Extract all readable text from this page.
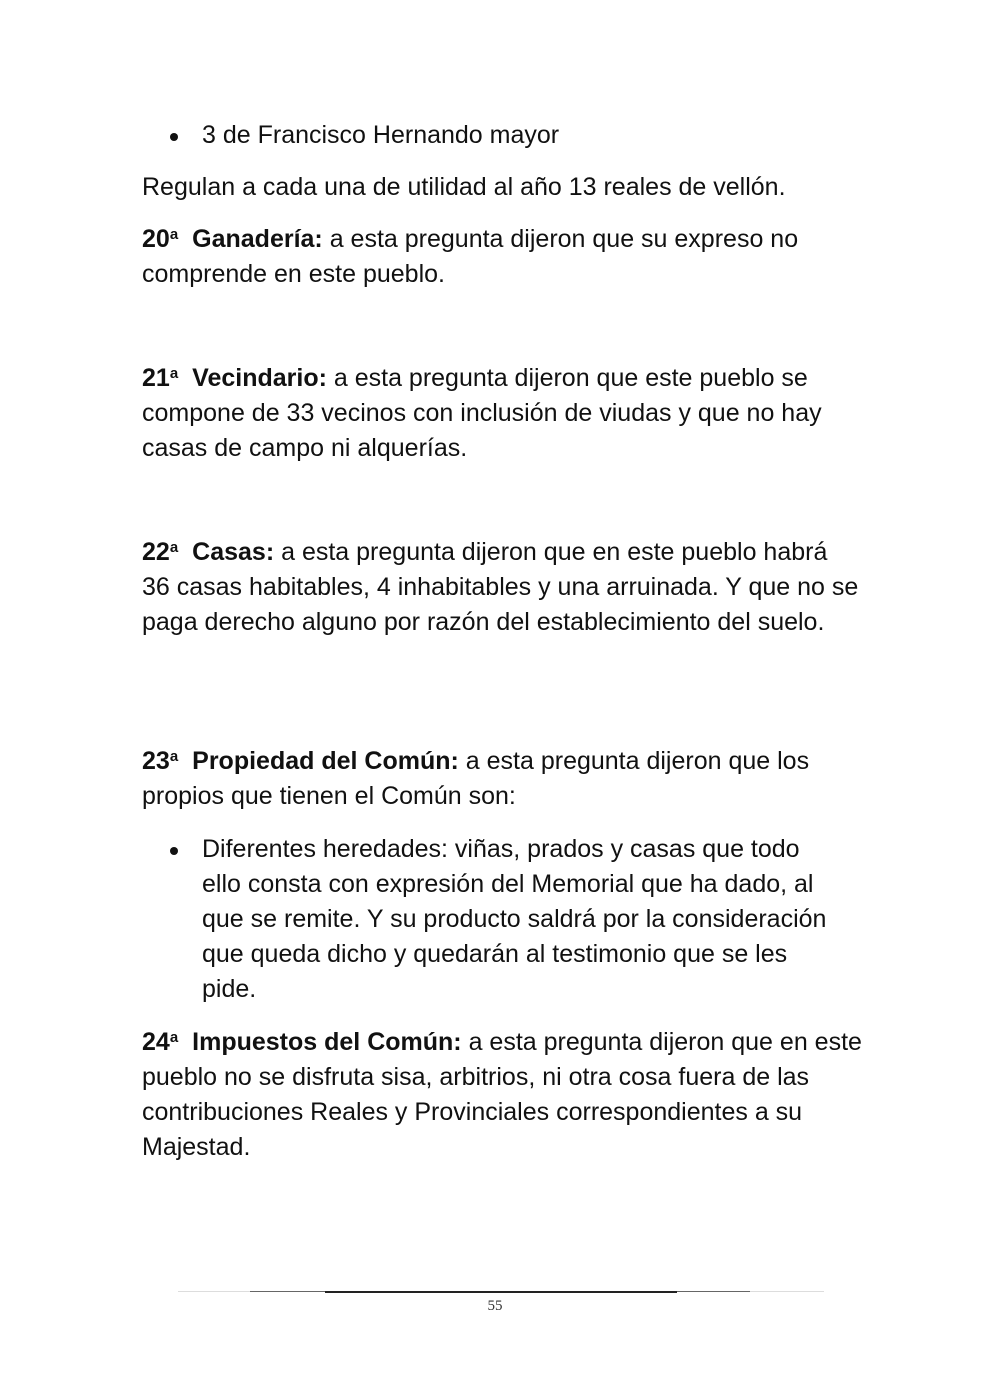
3 de Francisco Hernando mayor

Regulan a cada una de utilidad al año 13 reales de vellón.

20$^a$ Ganadería: a esta pregunta dijeron que su expreso no comprende en este pueblo.

21$^a$ Vecindario: a esta pregunta dijeron que este pueblo se compone de 33 vecinos con inclusión de viudas y que no hay casas de campo ni alquerías.

22$^a$ Casas: a esta pregunta dijeron que en este pueblo habrá 36 casas habitables, 4 inhabitables y una arruinada. Y que no se paga derecho alguno por razón del establecimiento del suelo.

23$^a$ Propiedad del Común: a esta pregunta dijeron que los propios que tienen el Común son:

Diferentes heredades: viñas, prados y casas que todo ello consta con expresión del Memorial que ha dado, al que se remite. Y su producto saldrá por la consideración que queda dicho y quedarán al testimonio que se les pide.

24$^a$ Impuestos del Común: a esta pregunta dijeron que en este pueblo no se disfruta sisa, arbitrios, ni otra cosa fuera de las contribuciones Reales y Provinciales correspondientes a su Majestad.

55
